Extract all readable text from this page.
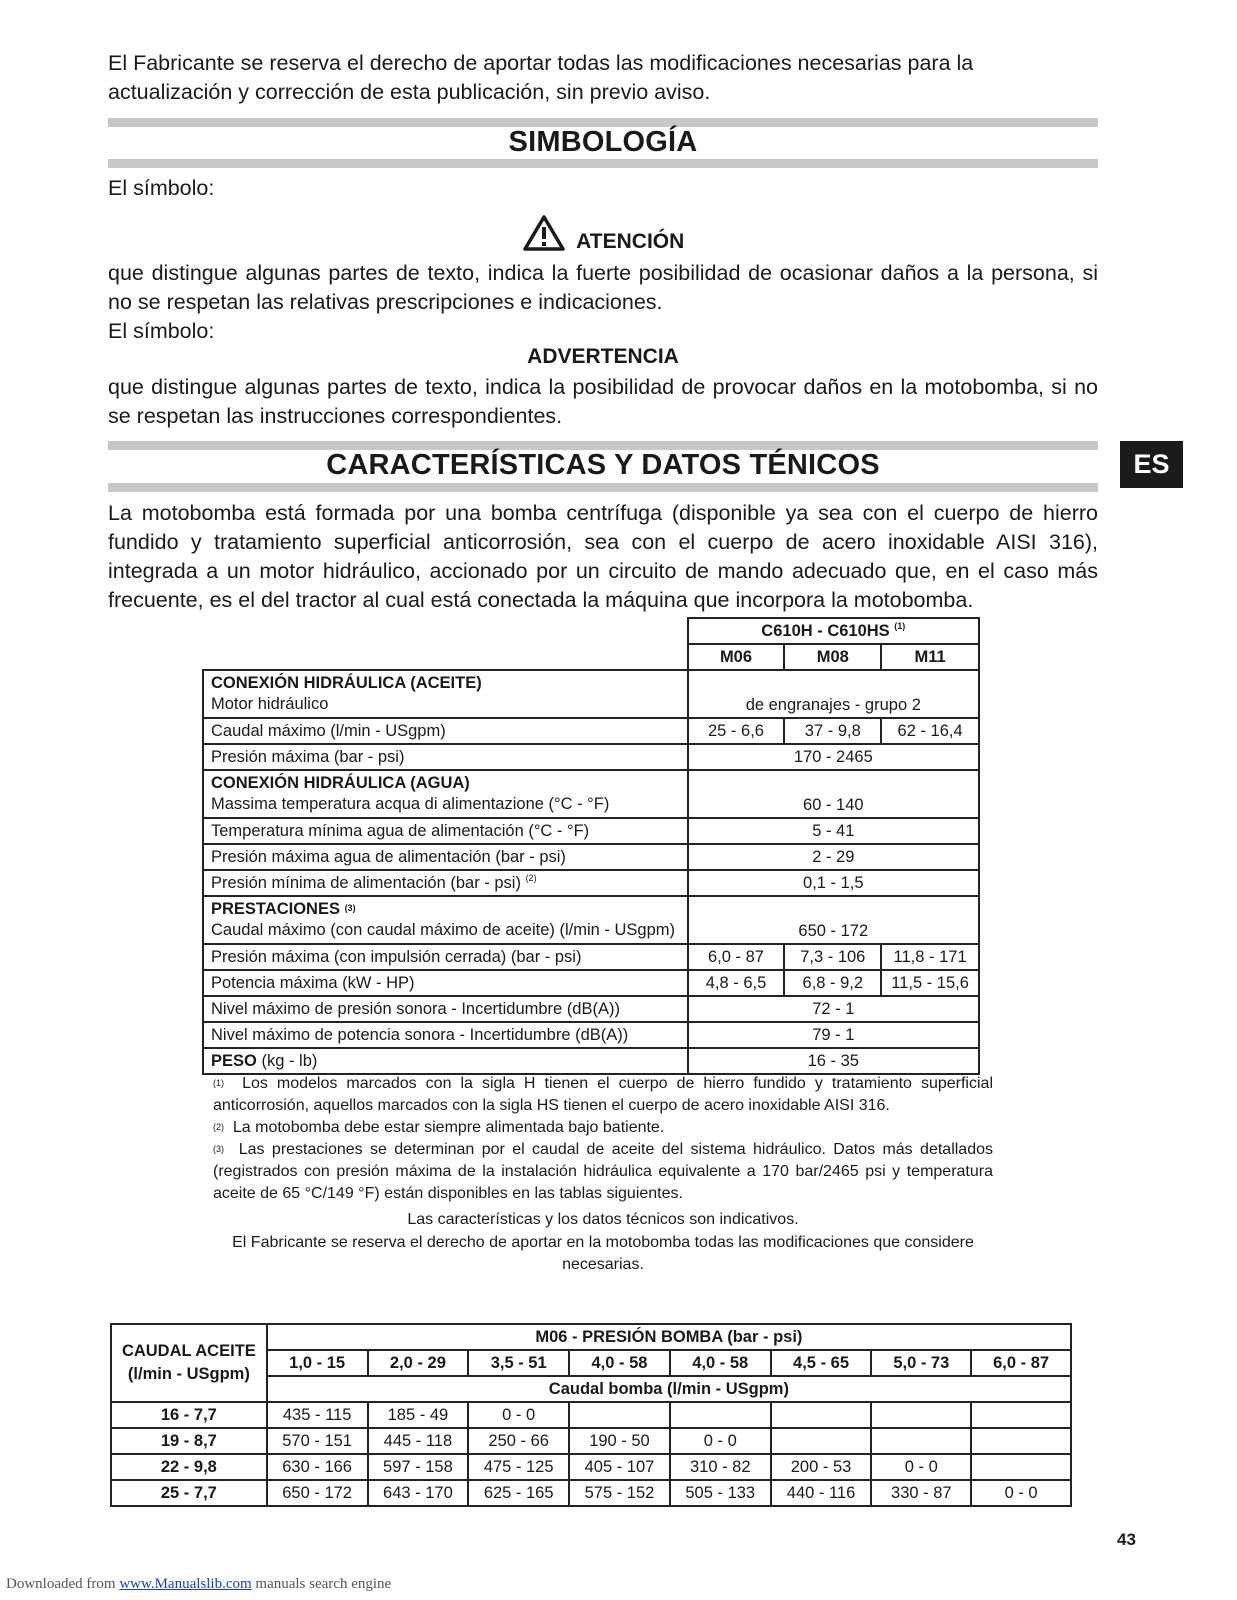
El Fabricante se reserva el derecho de aportar todas las modificaciones necesarias para la actualización y corrección de esta publicación, sin previo aviso.
SIMBOLOGÍA
El símbolo:
ATENCIÓN
que distingue algunas partes de texto, indica la fuerte posibilidad de ocasionar daños a la persona, si no se respetan las relativas prescripciones e indicaciones.
El símbolo:
ADVERTENCIA
que distingue algunas partes de texto, indica la posibilidad de provocar daños en la motobomba, si no se respetan las instrucciones correspondientes.
CARACTERÍSTICAS Y DATOS TÉNICOS	ES
La motobomba está formada por una bomba centrífuga (disponible ya sea con el cuerpo de hierro fundido y tratamiento superficial anticorrosión, sea con el cuerpo de acero inoxidable AISI 316), integrada a un motor hidráulico, accionado por un circuito de mando adecuado que, en el caso más frecuente, es el del tractor al cual está conectada la máquina que incorpora la motobomba.
	C610H - C610HS $^{(1)}$
	M06	M08	M11

CONEXIÓN HIDRÁULICA (ACEITE)
Motor hidráulico	de engranajes - grupo 2		
Caudal máximo (l/min - USgpm)	25 - 6,6	37 - 9,8	62 - 16,4
Presión máxima (bar - psi)	170 - 2465		

CONEXIÓN HIDRÁULICA (AGUA)
Massima temperatura acqua di alimentazione (°C - °F)	60 - 140		
Temperatura mínima agua de alimentación (°C - °F)	5 - 41		
Presión máxima agua de alimentación (bar - psi)	2 - 29		
Presión mínima de alimentación (bar - psi) $^{(2)}$	0,1 - 1,5		

PRESTACIONES $^{(3)}$
Caudal máximo (con caudal máximo de aceite) (l/min - USgpm)	650 - 172		
Presión máxima (con impulsión cerrada) (bar - psi)	6,0 - 87	7,3 - 106	11,8 - 171
Potencia máxima (kW - HP)	4,8 - 6,5	6,8 - 9,2	11,5 - 15,6
Nivel máximo de presión sonora - Incertidumbre (dB(A))	72 - 1		
Nivel máximo de potencia sonora - Incertidumbre (dB(A))	79 - 1		
PESO (kg - lb)	16 - 35		
$^{(1)}$ Los modelos marcados con la sigla H tienen el cuerpo de hierro fundido y tratamiento superficial anticorrosión, aquellos marcados con la sigla HS tienen el cuerpo de acero inoxidable AISI 316.
$^{(2)}$ La motobomba debe estar siempre alimentada bajo batiente.
$^{(3)}$ Las prestaciones se determinan por el caudal de aceite del sistema hidráulico. Datos más detallados (registrados con presión máxima de la instalación hidráulica equivalente a 170 bar/2465 psi y temperatura aceite de 65 °C/149 °F) están disponibles en las tablas siguientes.
Las características y los datos técnicos son indicativos.
El Fabricante se reserva el derecho de aportar en la motobomba todas las modificaciones que considere necesarias.
CAUDAL ACEITE
(l/min - USgpm)	M06 - PRESIÓN BOMBA (bar - psi)							
	1,0 - 15	2,0 - 29	3,5 - 51	4,0 - 58	4,0 - 58	4,5 - 65	5,0 - 73	6,0 - 87
	Caudal bomba (l/min - USgpm)							
16 - 7,7	435 - 115	185 - 49	0 - 0					
19 - 8,7	570 - 151	445 - 118	250 - 66	190 - 50	0 - 0			
22 - 9,8	630 - 166	597 - 158	475 - 125	405 - 107	310 - 82	200 - 53	0 - 0	
25 - 7,7	650 - 172	643 - 170	625 - 165	575 - 152	505 - 133	440 - 116	330 - 87	0 - 0
43
Downloaded from www.Manualslib.com manuals search engine
